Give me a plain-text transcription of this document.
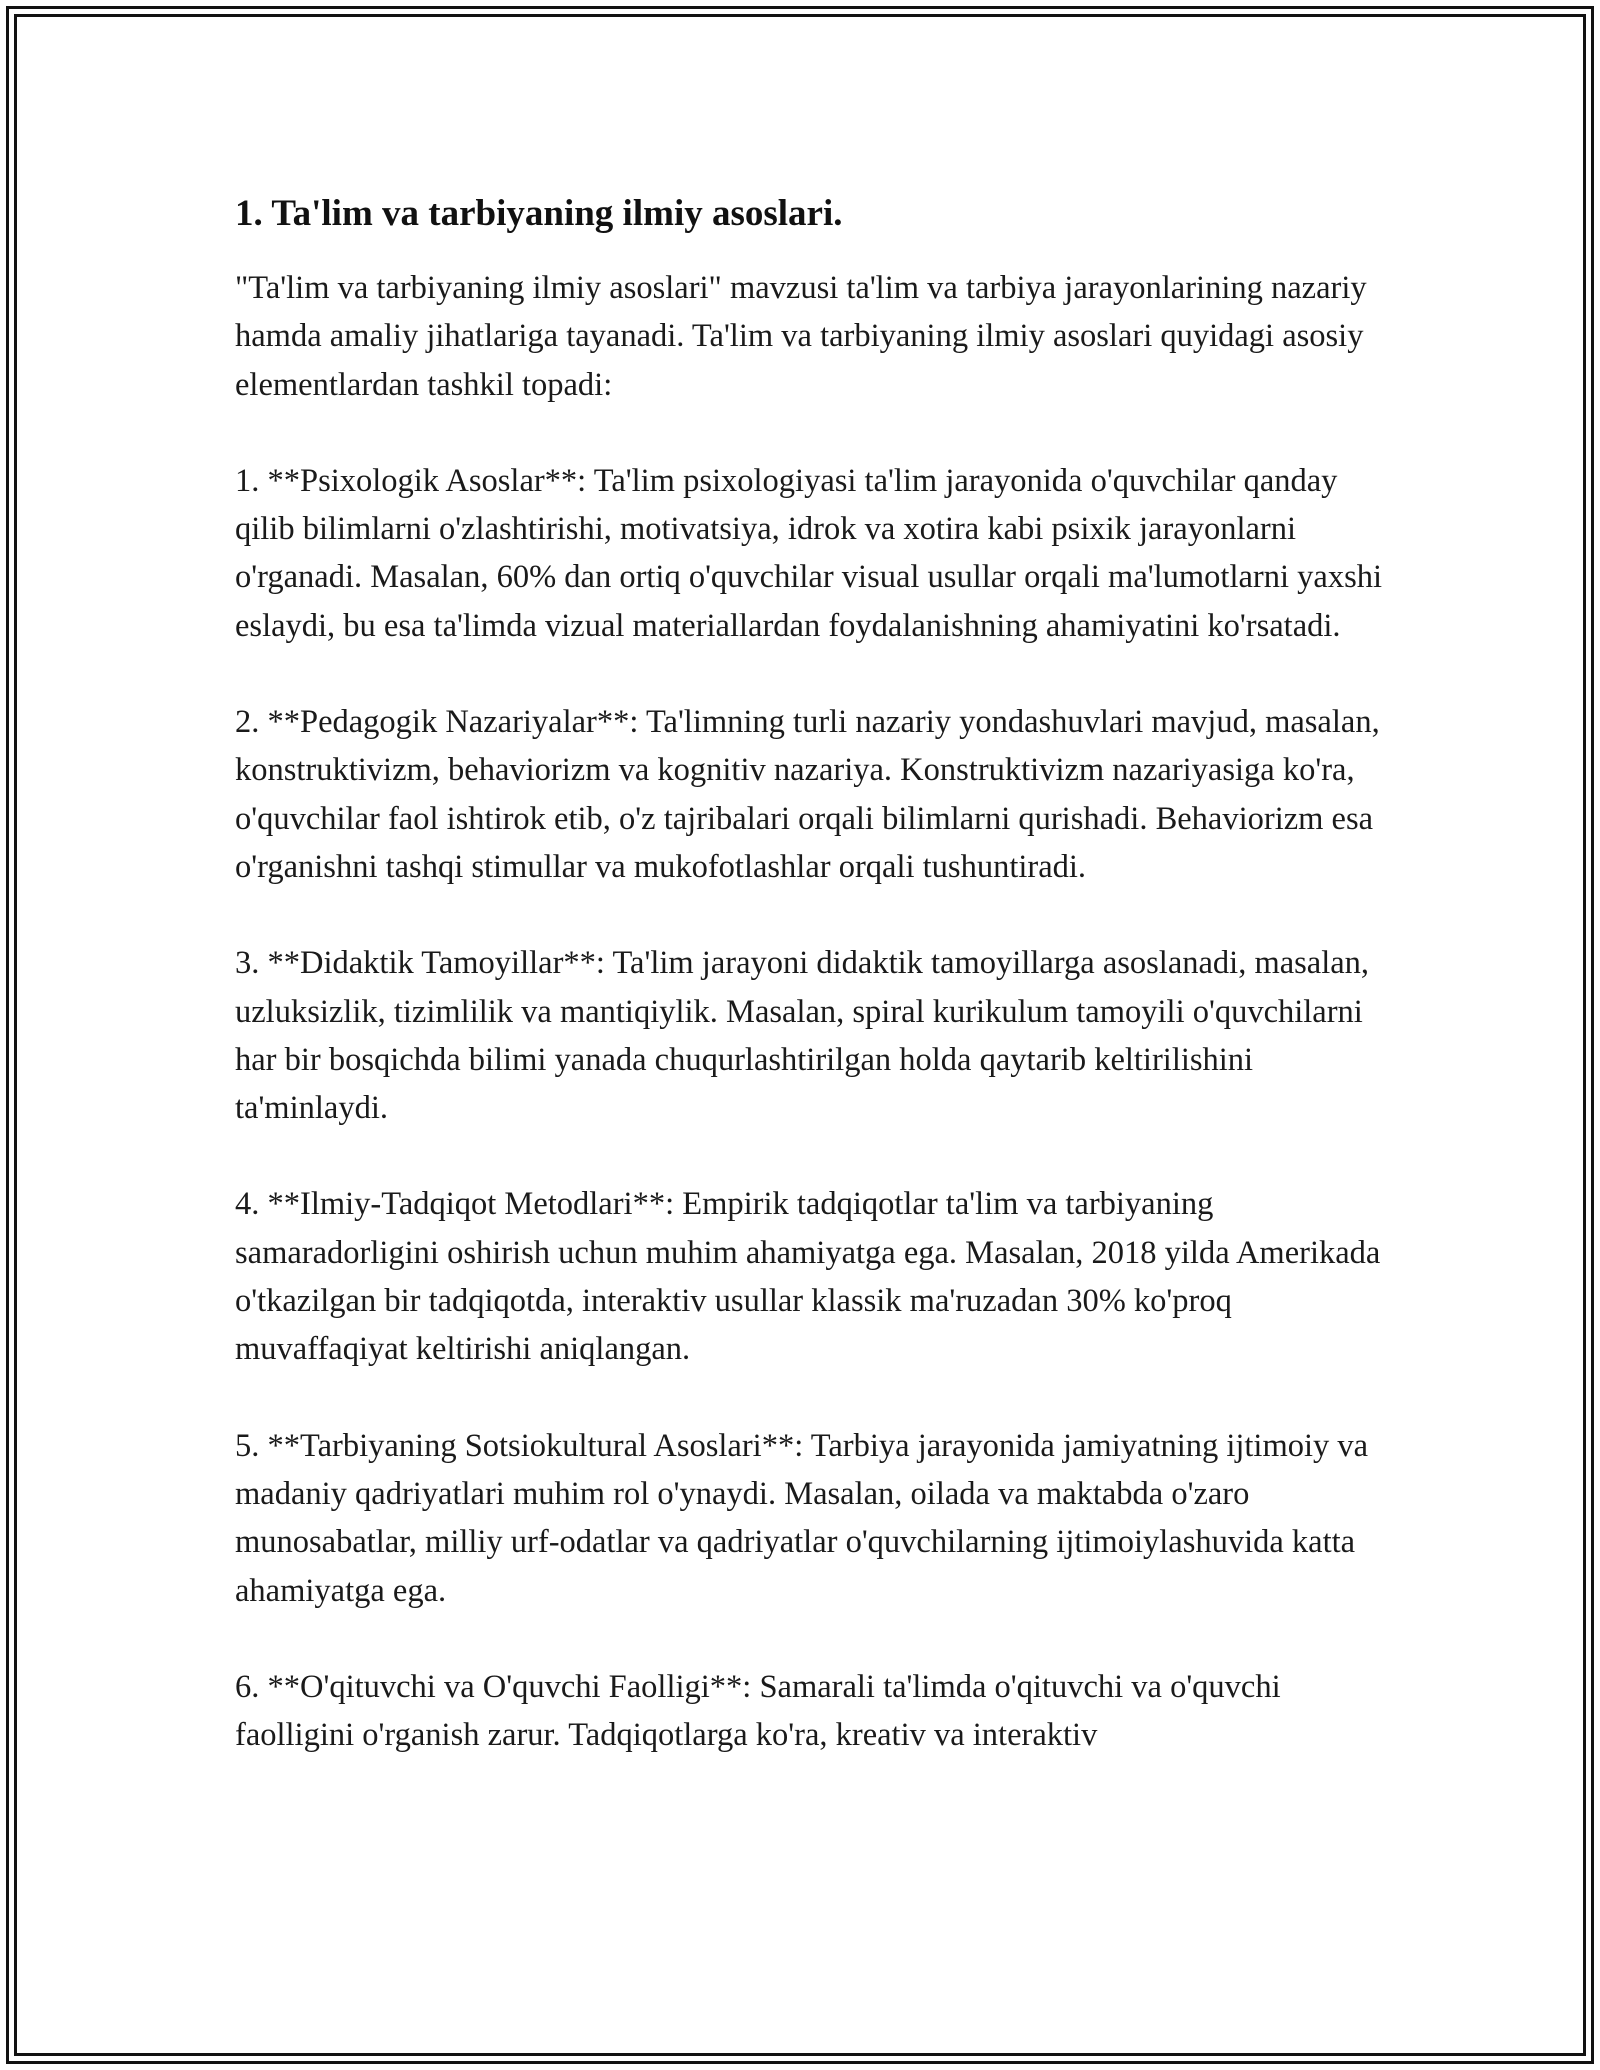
1. Ta'lim va tarbiyaning ilmiy asoslari.

"Ta'lim va tarbiyaning ilmiy asoslari" mavzusi ta'lim va tarbiya jarayonlarining nazariy hamda amaliy jihatlariga tayanadi. Ta'lim va tarbiyaning ilmiy asoslari quyidagi asosiy elementlardan tashkil topadi:

1. **Psixologik Asoslar**: Ta'lim psixologiyasi ta'lim jarayonida o'quvchilar qanday qilib bilimlarni o'zlashtirishi, motivatsiya, idrok va xotira kabi psixik jarayonlarni o'rganadi. Masalan, 60% dan ortiq o'quvchilar visual usullar orqali ma'lumotlarni yaxshi eslaydi, bu esa ta'limda vizual materiallardan foydalanishning ahamiyatini ko'rsatadi.

2. **Pedagogik Nazariyalar**: Ta'limning turli nazariy yondashuvlari mavjud, masalan, konstruktivizm, behaviorizm va kognitiv nazariya. Konstruktivizm nazariyasiga ko'ra, o'quvchilar faol ishtirok etib, o'z tajribalari orqali bilimlarni qurishadi. Behaviorizm esa o'rganishni tashqi stimullar va mukofotlashlar orqali tushuntiradi.

3. **Didaktik Tamoyillar**: Ta'lim jarayoni didaktik tamoyillarga asoslanadi, masalan, uzluksizlik, tizimlilik va mantiqiylik. Masalan, spiral kurikulum tamoyili o'quvchilarni har bir bosqichda bilimi yanada chuqurlashtirilgan holda qaytarib keltirilishini ta'minlaydi.

4. **Ilmiy-Tadqiqot Metodlari**: Empirik tadqiqotlar ta'lim va tarbiyaning samaradorligini oshirish uchun muhim ahamiyatga ega. Masalan, 2018 yilda Amerikada o'tkazilgan bir tadqiqotda, interaktiv usullar klassik ma'ruzadan 30% ko'proq muvaffaqiyat keltirishi aniqlangan.

5. **Tarbiyaning Sotsiokultural Asoslari**: Tarbiya jarayonida jamiyatning ijtimoiy va madaniy qadriyatlari muhim rol o'ynaydi. Masalan, oilada va maktabda o'zaro munosabatlar, milliy urf-odatlar va qadriyatlar o'quvchilarning ijtimoiylashuvida katta ahamiyatga ega.

6. **O'qituvchi va O'quvchi Faolligi**: Samarali ta'limda o'qituvchi va o'quvchi faolligini o'rganish zarur. Tadqiqotlarga ko'ra, kreativ va interaktiv
